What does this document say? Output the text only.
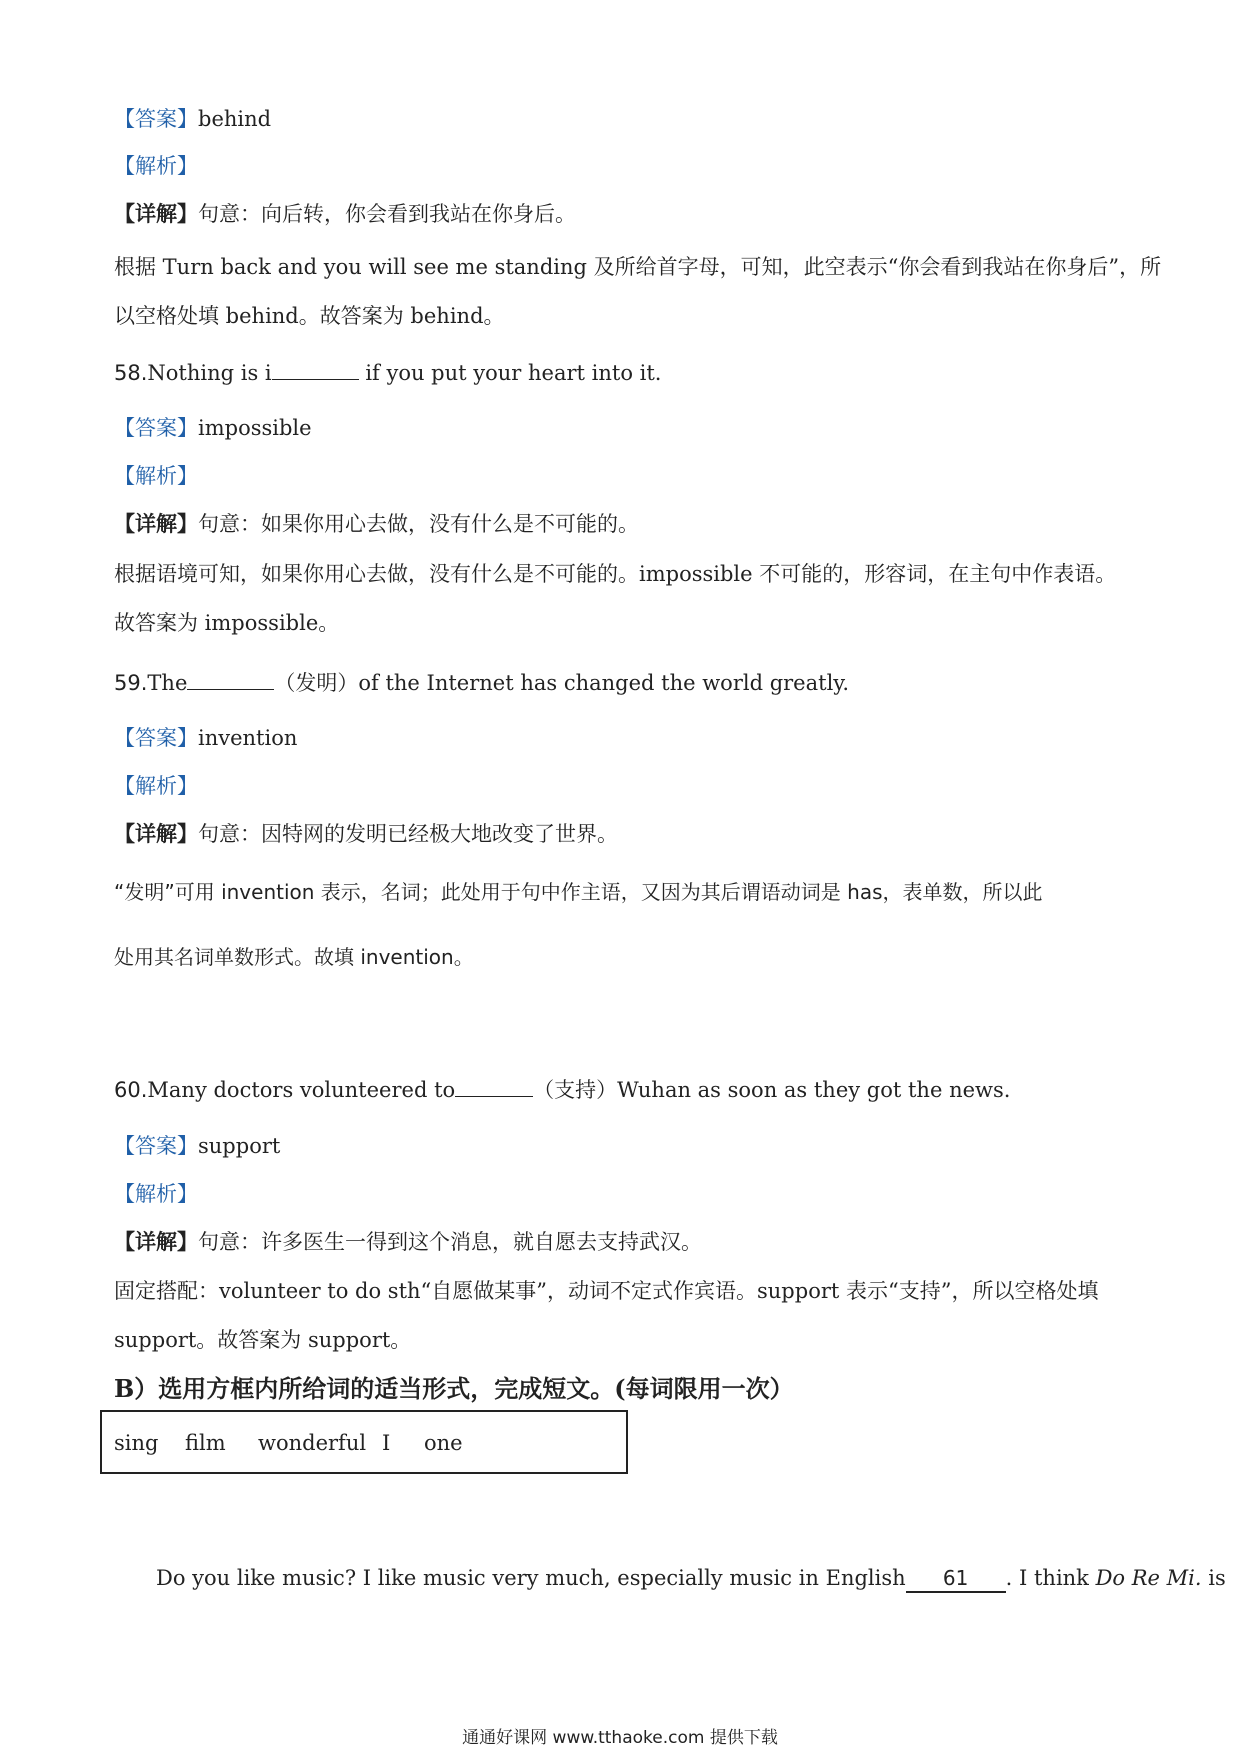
【答案】behind
【解析】
【详解】句意：向后转，你会看到我站在你身后。
根据 Turn back and you will see me standing 及所给首字母，可知，此空表示“你会看到我站在你身后”，所
以空格处填 behind。故答案为 behind。
58.Nothing is i	if you put your heart into it.
【答案】impossible
【解析】
【详解】句意：如果你用心去做，没有什么是不可能的。
根据语境可知，如果你用心去做，没有什么是不可能的。impossible 不可能的，形容词，在主句中作表语。
故答案为 impossible。
59.The	（发明）of the Internet has changed the world greatly.
【答案】invention
【解析】
【详解】句意：因特网的发明已经极大地改变了世界。
“发明”可用 invention 表示，名词；此处用于句中作主语，又因为其后谓语动词是 has，表单数，所以此
处用其名词单数形式。故填 invention。
60.Many doctors volunteered to	（支持）Wuhan as soon as they got the news.
【答案】support
【解析】
【详解】句意：许多医生一得到这个消息，就自愿去支持武汉。
固定搭配：volunteer to do sth“自愿做某事”，动词不定式作宾语。support 表示“支持”，所以空格处填
support。故答案为 support。
B）选用方框内所给词的适当形式，完成短文。(每词限用一次）
sing film wonderful I one
Do you like music? I like music very much, especially music in English 61 . I think Do Re Mi. is
通通好课网 www.tthaoke.com 提供下载
